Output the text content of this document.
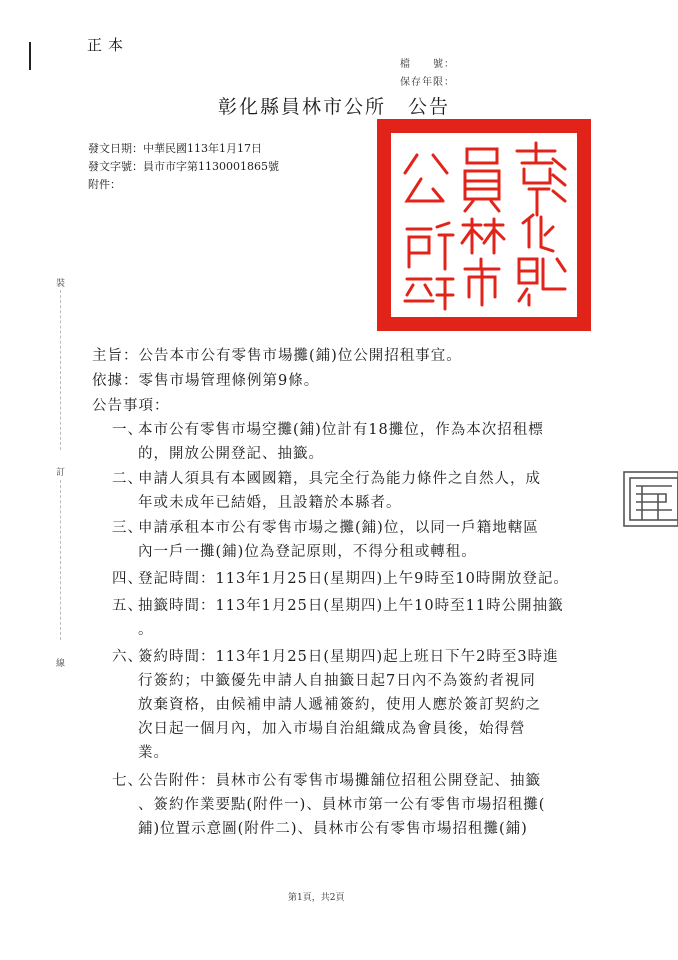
正本
檔　　號：
保存年限：
彰化縣員林市公所 公告
發文日期：中華民國113年1月17日
發文字號：員市市字第1130001865號
附件：
主旨：公告本市公有零售市場攤(鋪)位公開招租事宜。
依據：零售市場管理條例第9條。
公告事項：
一、
本市公有零售市場空攤(鋪)位計有18攤位，作為本次招租標
的，開放公開登記、抽籤。
二、
申請人須具有本國國籍，具完全行為能力條件之自然人，成
年或未成年已結婚，且設籍於本縣者。
三、
申請承租本市公有零售市場之攤(鋪)位，以同一戶籍地轄區
內一戶一攤(鋪)位為登記原則，不得分租或轉租。
四、
登記時間：113年1月25日(星期四)上午9時至10時開放登記。
五、
抽籤時間：113年1月25日(星期四)上午10時至11時公開抽籤
。
六、
簽約時間：113年1月25日(星期四)起上班日下午2時至3時進
行簽約；中籤優先申請人自抽籤日起7日內不為簽約者視同
放棄資格，由候補申請人遞補簽約，使用人應於簽訂契約之
次日起一個月內，加入市場自治組織成為會員後，始得營
業。
七、
公告附件：員林市公有零售市場攤舖位招租公開登記、抽籤
、簽約作業要點(附件一)、員林市第一公有零售市場招租攤(
鋪)位置示意圖(附件二)、員林市公有零售市場招租攤(鋪)
裝
訂
線
第1頁，共2頁
